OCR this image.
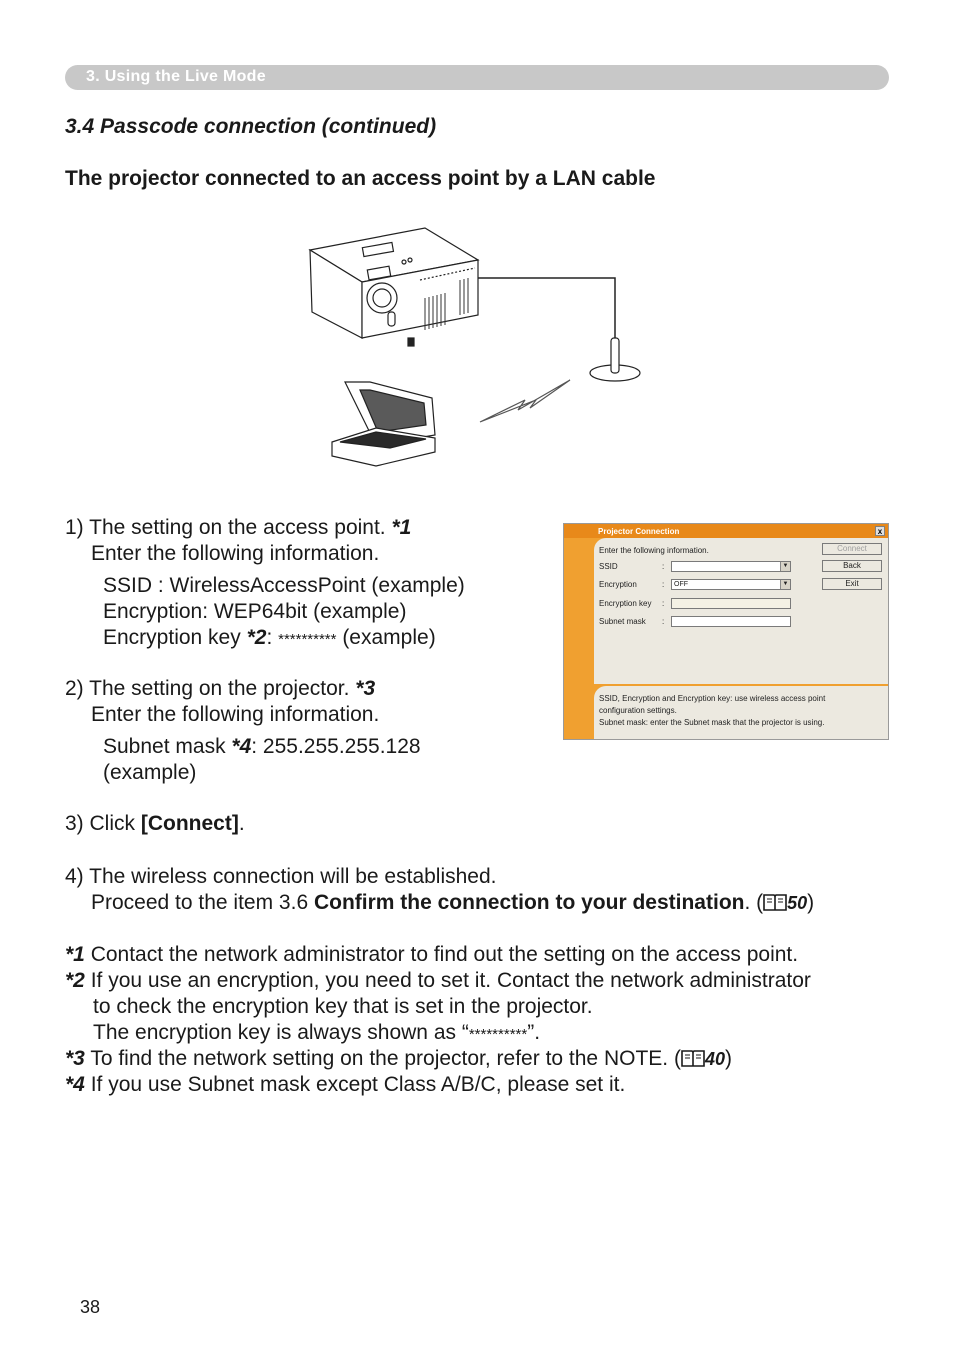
3. Using the Live Mode
3.4 Passcode connection (continued)
The projector connected to an access point by a LAN cable
1) The setting on the access point. *1
Enter the following information.
SSID : WirelessAccessPoint (example)
Encryption: WEP64bit (example)
Encryption key *2: ********** (example)
2) The setting on the projector. *3
Enter the following information.
Subnet mask *4: 255.255.255.128
(example)
3) Click [Connect].
4) The wireless connection will be established.
Proceed to the item 3.6 Confirm the connection to your destination. ( 50)
*1 Contact the network administrator to find out the setting on the access point.
*2 If you use an encryption, you need to set it. Contact the network administrator
to check the encryption key that is set in the projector.
The encryption key is always shown as “**********”.
*3 To find the network setting on the projector, refer to the NOTE. ( 40)
*4 If you use Subnet mask except Class A/B/C, please set it.
Projector Connection	x
Enter the following information.
SSID	:	▼
Encryption	:	OFF	▼
Encryption key :
Subnet mask :
Connect
Back
Exit
SSID, Encryption and Encryption key: use wireless access point
configuration settings.
Subnet mask: enter the Subnet mask that the projector is using.
38
